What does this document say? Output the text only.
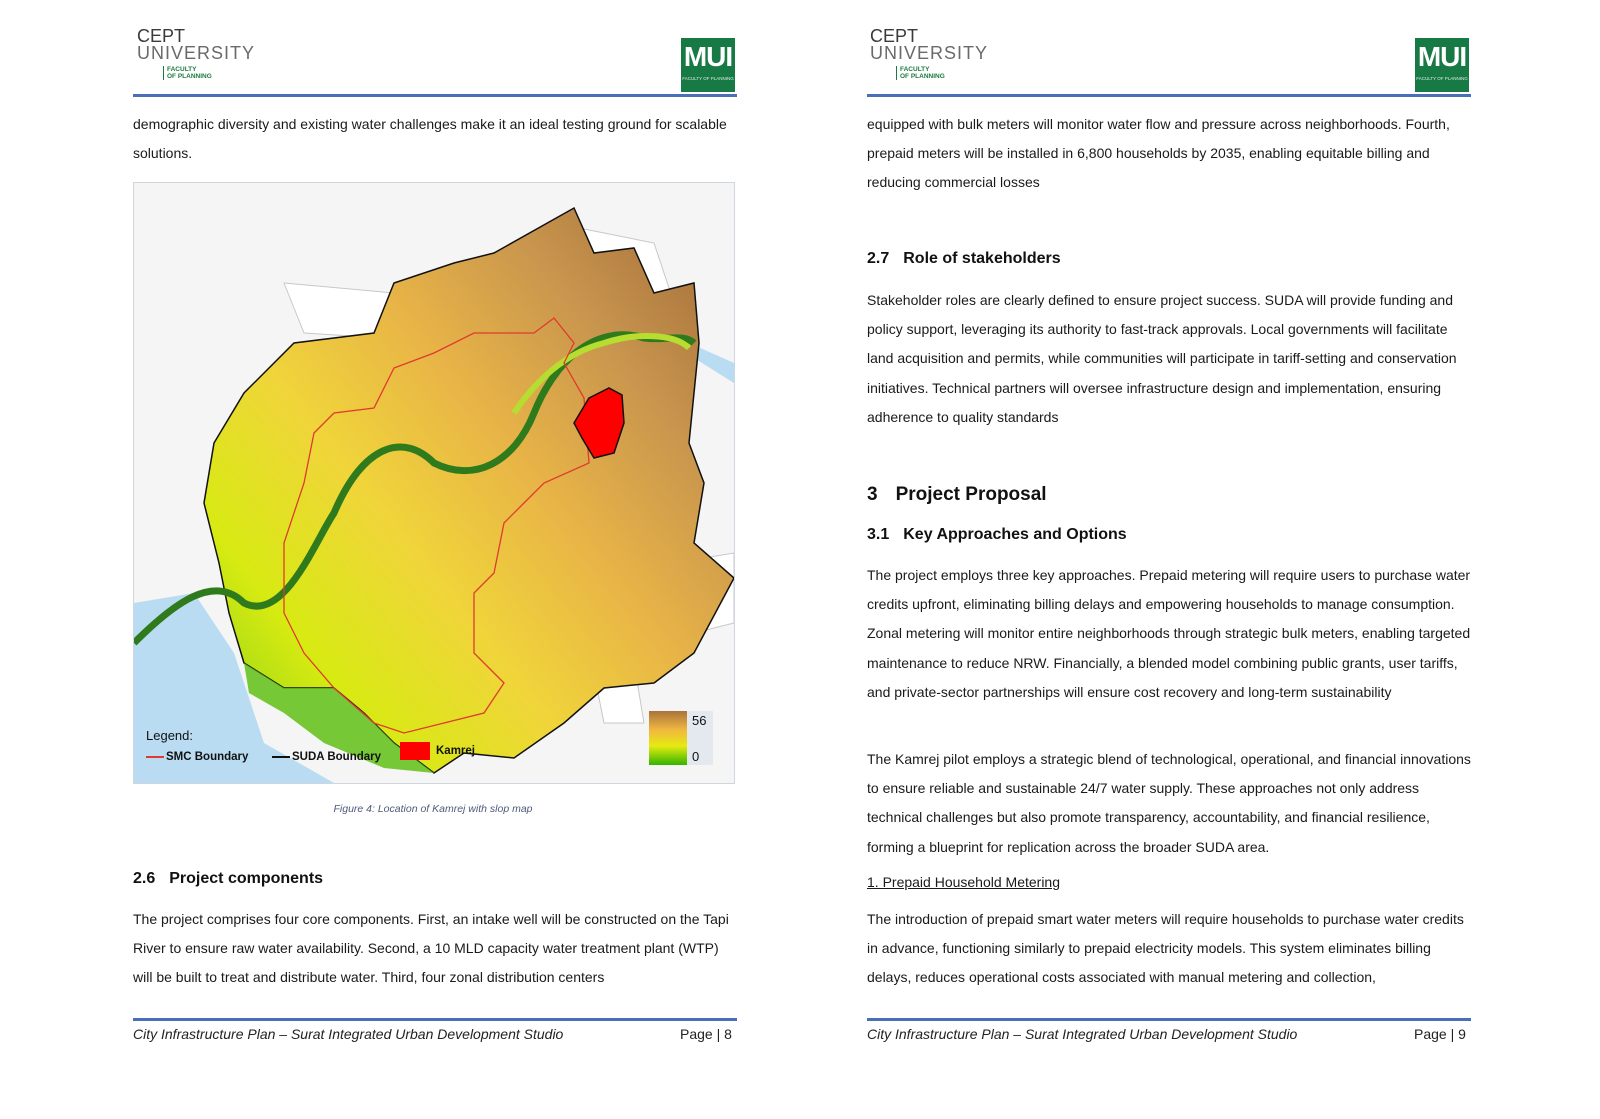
CEPT
UNIVERSITY
FACULTY
OF PLANNING
MUI
FACULTY OF PLANNING

demographic diversity and existing water challenges make it an ideal testing ground for scalable solutions.

56
0
Legend:
SMC Boundary	SUDA Boundary	Kamrej
Figure 4: Location of Kamrej with slop map
2.6 Project components

The project comprises four core components. First, an intake well will be constructed on the Tapi River to ensure raw water availability. Second, a 10 MLD capacity water treatment plant (WTP) will be built to treat and distribute water. Third, four zonal distribution centers

City Infrastructure Plan – Surat Integrated Urban Development Studio	Page | 8
CEPT
UNIVERSITY
FACULTY
OF PLANNING
MUI
FACULTY OF PLANNING

equipped with bulk meters will monitor water flow and pressure across neighborhoods. Fourth, prepaid meters will be installed in 6,800 households by 2035, enabling equitable billing and reducing commercial losses

2.7 Role of stakeholders

Stakeholder roles are clearly defined to ensure project success. SUDA will provide funding and policy support, leveraging its authority to fast-track approvals. Local governments will facilitate land acquisition and permits, while communities will participate in tariff-setting and conservation initiatives. Technical partners will oversee infrastructure design and implementation, ensuring adherence to quality standards

3 Project Proposal
3.1 Key Approaches and Options

The project employs three key approaches. Prepaid metering will require users to purchase water credits upfront, eliminating billing delays and empowering households to manage consumption. Zonal metering will monitor entire neighborhoods through strategic bulk meters, enabling targeted maintenance to reduce NRW. Financially, a blended model combining public grants, user tariffs, and private-sector partnerships will ensure cost recovery and long-term sustainability

The Kamrej pilot employs a strategic blend of technological, operational, and financial innovations to ensure reliable and sustainable 24/7 water supply. These approaches not only address technical challenges but also promote transparency, accountability, and financial resilience, forming a blueprint for replication across the broader SUDA area.

1. Prepaid Household Metering

The introduction of prepaid smart water meters will require households to purchase water credits in advance, functioning similarly to prepaid electricity models. This system eliminates billing delays, reduces operational costs associated with manual metering and collection,

City Infrastructure Plan – Surat Integrated Urban Development Studio	Page | 9
